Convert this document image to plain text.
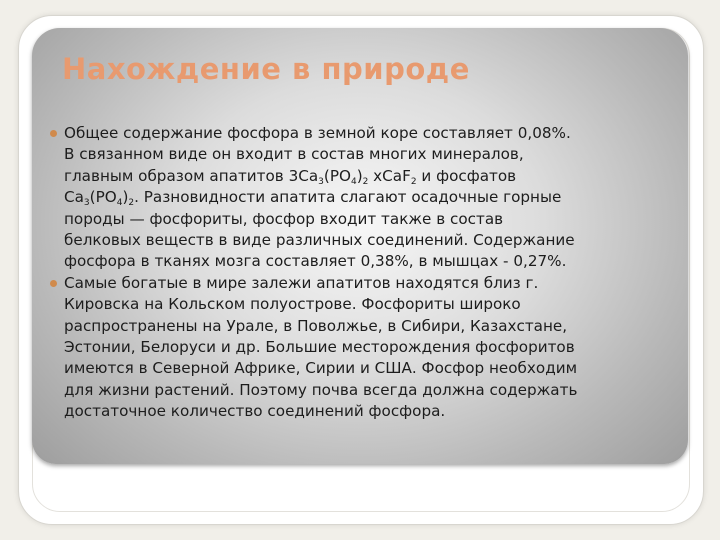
Нахождение в природе

Общее содержание фосфора в земной коре составляет 0,08%.
В связанном виде он входит в состав многих минералов,
главным образом апатитов $3Ca_3(PO_4)_2$ xCaF$_2$ и фосфатов
$Ca_3(PO_4)_2$. Разновидности апатита слагают осадочные горные
породы — фосфориты, фосфор входит также в состав
белковых веществ в виде различных соединений. Содержание
фосфора в тканях мозга составляет 0,38%, в мышцах - 0,27%.

Самые богатые в мире залежи апатитов находятся близ г.
Кировска на Кольском полуострове. Фосфориты широко
распространены на Урале, в Поволжье, в Сибири, Казахстане,
Эстонии, Белоруси и др. Большие месторождения фосфоритов
имеются в Северной Африке, Сирии и США. Фосфор необходим
для жизни растений. Поэтому почва всегда должна содержать
достаточное количество соединений фосфора.
